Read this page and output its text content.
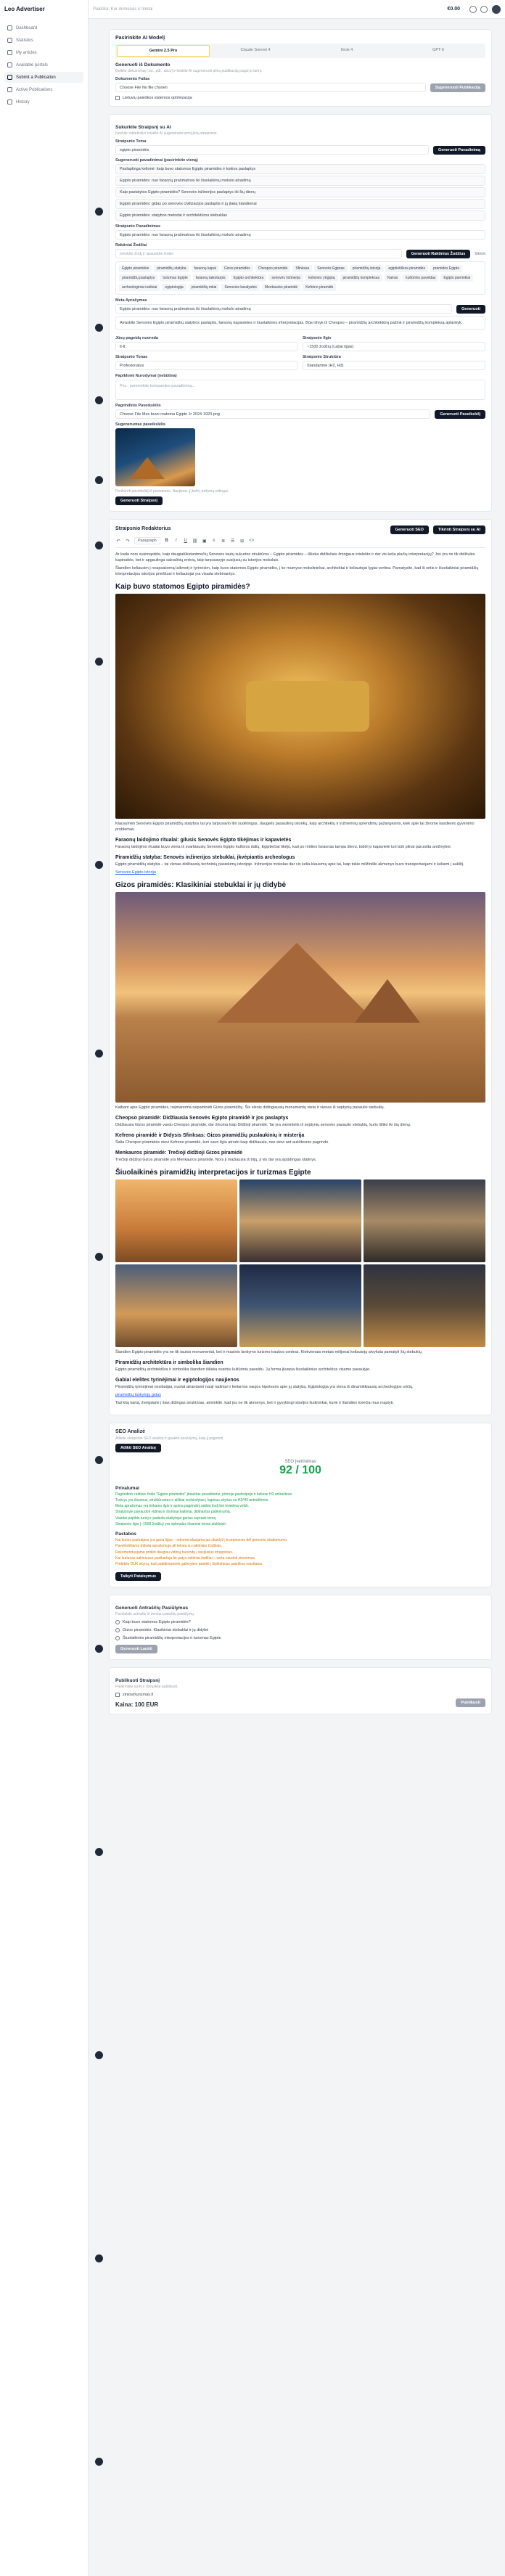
Leo Advertiser
Dashboard
Statistics
My articles
Available portals
Submit a Publication
Active Publications
History
Paieška: Kur domenas ir tinklai	€0.00
Pasirinkite AI Modelį
Gemini 2.5 Pro	Claude Sonnet 4	Grok 4	GPT-5
Generuoti iš Dokumento
Įkelkite dokumentą (.txt, .pdf, .docx) ir leiskite AI sugeneruoti pilną publikaciją pagal jo turinį.
Dokumento Failas
Choose File No file chosen	Sugeneruoti Publikaciją
Lietuvių paieškos sistemos optimizacija
Sukurkite Straipsnį su AI
Įveskite raktažodį ir leiskite AI sugeneruoti turinį jūsų straipsniui.
Straipsnio Tema
egipto piramidės	Generuoti Pavadinimą
Sugeneruoti pavadinimai (pasirinkite vieną)
Paslaptinga kelionė: kaip buvo statomos Egipto piramidės ir kokios paslaptys
Egipto piramidės: nuo faraonų prašmatnos iki šiuolaikinių mokslo atradimų
Kaip pastatytos Egipto piramidės? Senovės inžinerijos paslaptys iki šių dienų
Egipto piramidės: gidas po senovės civilizacijos paslaptis ir jų įtaką šiandienai
Egipto piramidės: statybos metodai ir architektūros stebuklas
Straipsnio Pavadinimas
Egipto piramidės: nuo faraonų prašmatnos iki šiuolaikinių mokslo atradimų
Raktiniai Žodžiai
Įveskite žodį ir spauskite Enter	Generuoti Raktinius Žodžius	Ištrinti
Egipto piramidės	piramidžių statyba	faraonų kapai	Gizos piramidės	Cheopso piramidė	Sfinksas	Senovės Egiptas	piramidžių istorija	egiptietiškos piramidės	pramidės Egipte
piramidžių paslaptys	turizmas Egipte	faraonų laikotarpis	Egipto architektūra	senovės inžinerija	kelionės į Egiptą	piramidžių kompleksas	Kairas	kultūrinis paveldas	Egipto paminklai
archeologiniai radiniai	egiptologija	piramidžių mitai	Senosios karalystės	Menkaurės piramidė	Kefrėno piramidė
Meta Aprašymas
Egipto piramidės: nuo faraonų prašmatnos iki šiuolaikinių mokslo atradimų	Generuoti
Atraskite Senovės Egipto piramidžių statybos paslaptis, faraonų kapavietes ir šiuolaikines interpretacijas. Būsi išvyk iš Cheopso – piramidžių architektūrą pažink ir piramidžių kompleksą aplankyk.
Jūsų pageidų nuoroda
lt-lt
Straipsnio Ilgis
~1500 žodžių (Labai ilgas)
Straipsnio Tonas
Profesionalus
Straipsnio Struktūra
Standartinė (H2, H3)
Papildomi Nurodymai (nebūtina)
Pvz., paminėkite kompanijos pavadinimą...
Pagrindinis Paveikslėlis
Choose File Mes buvo matoma Egipte Jr 2024-1920.png	Generuoti Paveikslėlį
Sugeneruotas paveikslėlis
Peržiūrėti paveikslėlį iš posistemio. Naujiena: jį įkelti į pažymą sritingai.
Generuoti Straipsnį
Straipsnio Redaktorius	Generuoti SEO	Tikrinti Straipsnį su AI
↶ ↷	Paragraph	B	I	U	⛓ ▣	≡	≣ ☰ ⊞ <>
Ar kada nors susimąstėte, kaip daugiatūkstantmečių Senovės tautų sukurtos struktūros – Egipto piramidės – išlieka didžiuliais žmogaus intelekto ir dar vis kelia plačių interpretacijų? Jos yra ne tik didžiulės kapinaitės, bet ir apgaulinga sakralinių erdvių, taip tarpusavyje susijusių su istorijos mokslais.
Šiandien keliausim į neapsakomą laikmetį ir tyrinėsim, kaip buvo statomos Egipto piramidės, į ko mumyse mokslininkai, architektai ir keliautojai lygiai vertina. Pamatysite, kad ši sritis ir šiuolaikiniai piramidžių interpretacijos istorijos prieškosi ir keliautojai yra visada stebinantys.
Kaip buvo statomos Egipto piramidės?
Klausymėti Senovės Egipto piramidžių statybos tai yra tarpusavio itin sudėtingas, daugelis pasaulinių istorikų, kaip architektų ir inžinerinių sprendimų pažangesnis, kiek apie tai žinome kasdienio gyvenimo problemas.
Faraonų laidojimo ritualai: gilusis Senovės Egipto tikėjimas ir kapavietės
Faraonų laidojimo ritualai buvo viena iš svarbiausių Senovės Egipto kultūros dalių. Egiptiečiai tikėjo, kad po mirties faraonas tampa dievu, todėl jo kapavietė turi būti pilnai paruošta amžinybei.
Piramidžių statyba: Senovės inžinerijos stebuklai, įkvėpiantis archeologus
Egipto piramidžių statyba – tai vienas didžiausių techninių pasiekimų istorijoje. Inžinerijos mokslas dar vis kelia klausimų apie tai, kaip tokie milžiniški akmenys buvo transportuojami ir keliami į aukštį.
Senovės Egipto istorija
Gizos piramidės: Klasikiniai stebuklai ir jų didybė
Kalbant apie Egipto piramides, neįmanoma nepaminėti Gizos piramidžių. Šis slėnis didingiausių monumentų vieta ir vienas iš septynių pasaulio stebuklų.
Cheopso piramidė: Didžiausia Senovės Egipto piramidė ir jos paslaptys
Didžiausia Gizos piramidė vardu Cheopso piramidė, dar žinoma kaip Didžioji piramidė. Tai yra vienintelis iš septynių senovės pasaulio stebuklų, kuris išliko iki šių dienų.
Kefreno piramidė ir Didysis Sfinksas: Gizos piramidžių puslaukinių ir misterija
Šalia Cheopso piramidės stovi Kefreno piramidė, kuri savo ilgiu atrodo kaip didžiausia, nes stovi ant aukštesnio pagrindo.
Menkauros piramidė: Trečioji didžioji Gizos piramidė
Trečioji didžioji Gizos piramidė yra Menkauros piramidė. Nors ji mažiausia iš trijų, ji vis dar yra įspūdingas statinys.
Šiuolaikinės piramidžių interpretacijos ir turizmas Egipte
Šiandien Egipto piramidės yra ne tik tautos monumentai, bet ir masinio lankymo turizmo traukos centras. Kiekvienais metais milijonai keliautojų atvyksta pamatyti šių stebuklų.
Piramidžių architektūra ir simbolika šiandien
Egipto piramidžių architektūra ir simbolika šiandien išlieka svarbiu kultūriniu paveldu. Jų forma įkvepia šiuolaikinius architektus visame pasaulyje.
Gabiai elelites tyrinėjimai ir egiptologijos naujienos
Piramidžių tyrinėjimai nesibaigia, nuolat atrandami nauji radiniai ir keliamos naujos hipotezės apie jų statybą. Egiptologija yra viena iš dinamiškiausių archeologijos sričių.
piramidžių lankytojų gidas
Tad kitą kartą, žvelgdami į šias didingas struktūras, atminkite, kad jos ne tik akmenys, bet ir gyvybingi istorijos liudininkai, kurie ir šiandien kviečia mus mąstyti.
SEO Analizė
Atlikite straipsnio SEO analizę ir gaukite pasiūlymų, kaip jį pagerinti.
Atlikti SEO Analizę
SEO Įvertinimas
92 / 100
Privalumai
Pagrindinis raktinis žodis "Egipto piramidės" įtrauktas pavadinime, pirmoje pastraipoje ir keliose H2 antraštėse.
Turinys yra išsamus, struktūruotas ir aiškiai suskirstytas į loginius skyrius su H2/H3 antraštėmis.
Meta aprašymas yra tinkamo ilgio ir apima pagrindinį raktinį žodį bei kvietimą veikti.
Straipsnyje panaudoti vidiniai ir išoriniai šaltiniai, didinantys patikimumą.
Vaizdai papildo turinį ir padeda skaitytojui geriau suprasti temą.
Straipsnio ilgis (~1500 žodžių) yra optimalus išsamiai temai atskleisti.
Pastabos
Kai kurios pastraipos yra gana ilgos – rekomenduojama jas skaidyti į trumpesnes dėl geresnio skaitomumo.
Paveikslėliams trūksta aprašomųjų alt tekstų su raktiniais žodžiais.
Rekomenduojama pridėti daugiau vidinių nuorodų į susijusius straipsnius.
Kai kuriuose sakiniuose pasikartoja tie patys raktiniai žodžiai – verta naudoti sinonimus.
Pridėkite DUK skyrių, kad padidintumėte galimybes patekti į išplėstinius paieškos rezultatus.
Taikyti Pataisymus
Generuoti Antraščių Pasiūlymus
Pasirinkite antraštę iš žemiau pateiktų pasiūlymų.
Kaip buvo statomos Egipto piramidės?
Gizos piramidės: Klasikiniai stebuklai ir jų didybė
Šiuolaikinės piramidžių interpretacijos ir turizmas Egipte
Generuoti Laukti
Publikuoti Straipsnį
Patikrinkite turinį ir išsiųskite publikuoti.
ziniosirturizmas.lt
Kaina: 100 EUR	Publikuoti
